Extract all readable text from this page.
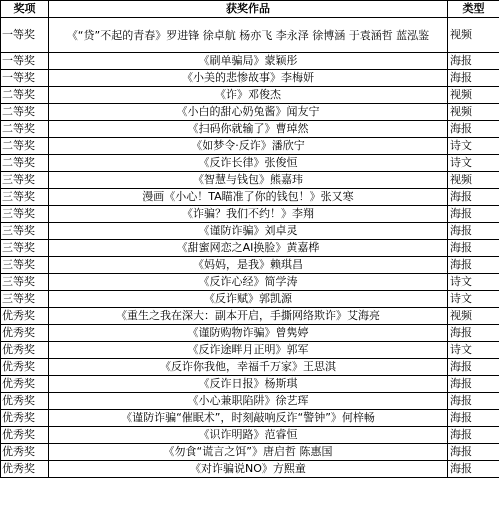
奖项	获奖作品	类型
一等奖	《“贷”不起的青春》罗进锋 徐卓航 杨亦飞 李永泽 徐博涵 于袁涵哲 蓝泓鉴	视频
一等奖	《刷单骗局》蒙颖彤	海报
一等奖	《小美的悲惨故事》李梅妍	海报
二等奖	《诈》邓俊杰	视频
二等奖	《小白的甜心奶兔酱》闻友宁	视频
二等奖	《扫码你就输了》曹琸然	海报
二等奖	《如梦令·反诈》潘欣宁	诗文
二等奖	《反诈长律》张俊恒	诗文
三等奖	《智慧与钱包》熊嘉玮	视频
三等奖	漫画《小心！TA瞄准了你的钱包！》张又寒	海报
三等奖	《诈骗？我们不约！》李翔	海报
三等奖	《谨防诈骗》刘卓灵	海报
三等奖	《甜蜜网恋之AI换脸》黄嘉桦	海报
三等奖	《妈妈，是我》赖琪昌	海报
三等奖	《反诈心经》简学涛	诗文
三等奖	《反诈赋》郭凯源	诗文
优秀奖	《重生之我在深大：副本开启，手撕网络欺诈》艾海亮	视频
优秀奖	《谨防购物诈骗》曾隽婷	海报
优秀奖	《反诈途畔月正明》郭军	诗文
优秀奖	《反诈你我他，幸福千万家》王思淇	海报
优秀奖	《反诈日报》杨斯琪	海报
优秀奖	《小心兼职陷阱》徐艺珲	海报
优秀奖	《谨防诈骗“催眠术”，时刻敲响反诈“警钟”》何梓畅	海报
优秀奖	《识诈明路》范睿恒	海报
优秀奖	《勿食“谎言之饵”》唐启哲 陈惠国	海报
优秀奖	《对诈骗说NO》方熙童	海报
